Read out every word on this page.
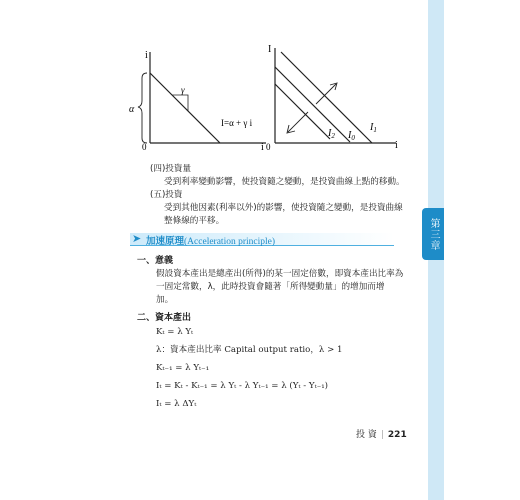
第三章
i
0	i
α
γ
I=α + γ i
I
0	i
$I_1$
$I_2$ $I_0$
(四)投資量
受到利率變動影響，使投資隨之變動，是投資曲線上點的移動。
(五)投資
受到其他因素(利率以外)的影響，使投資隨之變動，是投資曲線
整條線的平移。
➤ 加速原理(Acceleration principle)
一、意義
假設資本產出是總產出(所得)的某一固定倍數，即資本產出比率為
一固定常數，λ，此時投資會隨著「所得變動量」的增加而增
加。
二、資本產出
Kₜ = λ Yₜ
λ：資本產出比率 Capital output ratio，λ > 1
Kₜ₋₁ = λ Yₜ₋₁
Iₜ = Kₜ - Kₜ₋₁ = λ Yₜ - λ Yₜ₋₁ = λ (Yₜ - Yₜ₋₁)
Iₜ = λ ΔYₜ
投 資 | 221
